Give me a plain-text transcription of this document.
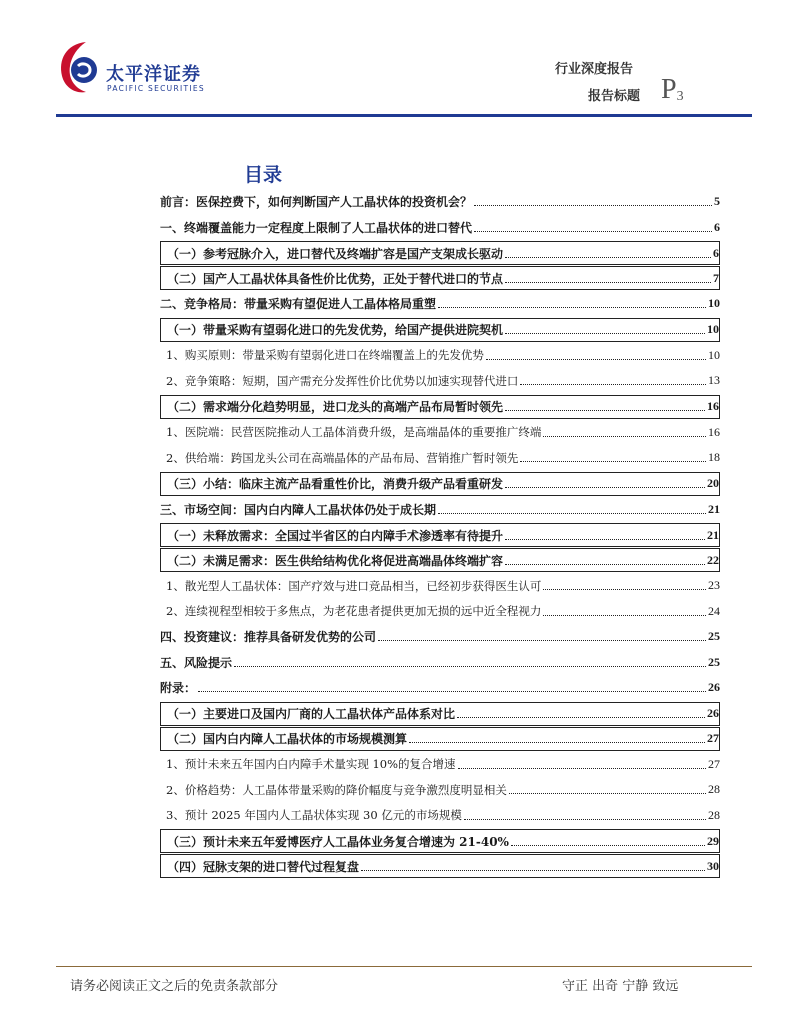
太平洋证券
PACIFIC SECURITIES
行业深度报告
报告标题 $P_3$
目录
前言：医保控费下，如何判断国产人工晶状体的投资机会？	5
一、终端覆盖能力一定程度上限制了人工晶状体的进口替代	6
（一）参考冠脉介入，进口替代及终端扩容是国产支架成长驱动	6
（二）国产人工晶状体具备性价比优势，正处于替代进口的节点	7
二、竞争格局：带量采购有望促进人工晶体格局重塑	10
（一）带量采购有望弱化进口的先发优势，给国产提供进院契机	10
1、购买原则：带量采购有望弱化进口在终端覆盖上的先发优势	10
2、竞争策略：短期，国产需充分发挥性价比优势以加速实现替代进口	13
（二）需求端分化趋势明显，进口龙头的高端产品布局暂时领先	16
1、医院端：民营医院推动人工晶体消费升级，是高端晶体的重要推广终端	16
2、供给端：跨国龙头公司在高端晶体的产品布局、营销推广暂时领先	18
（三）小结：临床主流产品看重性价比，消费升级产品看重研发	20
三、市场空间：国内白内障人工晶状体仍处于成长期	21
（一）未释放需求：全国过半省区的白内障手术渗透率有待提升	21
（二）未满足需求：医生供给结构优化将促进高端晶体终端扩容	22
1、散光型人工晶状体：国产疗效与进口竞品相当，已经初步获得医生认可	23
2、连续视程型相较于多焦点，为老花患者提供更加无损的远中近全程视力	24
四、投资建议：推荐具备研发优势的公司	25
五、风险提示	25
附录：	26
（一）主要进口及国内厂商的人工晶状体产品体系对比	26
（二）国内白内障人工晶状体的市场规模测算	27
1、预计未来五年国内白内障手术量实现 10%的复合增速	27
2、价格趋势：人工晶体带量采购的降价幅度与竞争激烈度明显相关	28
3、预计 2025 年国内人工晶状体实现 30 亿元的市场规模	28
（三）预计未来五年爱博医疗人工晶体业务复合增速为 21-40%	29
（四）冠脉支架的进口替代过程复盘	30
请务必阅读正文之后的免责条款部分	守正 出奇 宁静 致远
